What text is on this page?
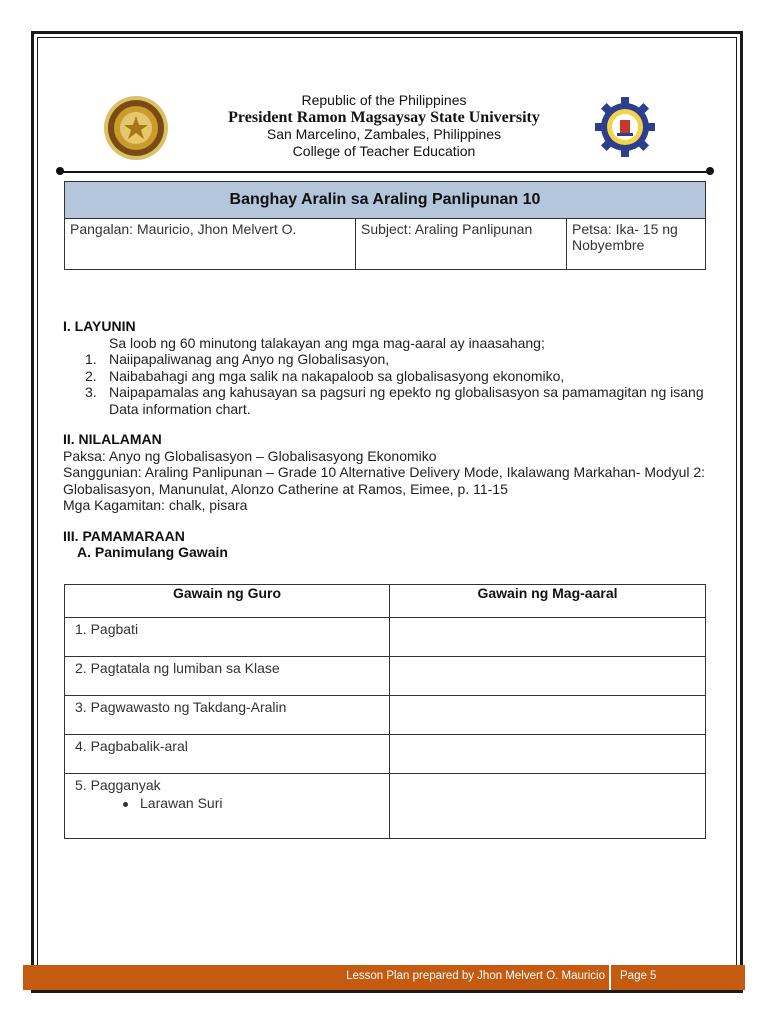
Republic of the Philippines
President Ramon Magsaysay State University
San Marcelino, Zambales, Philippines
College of Teacher Education
Banghay Aralin sa Araling Panlipunan 10
Pangalan: Mauricio, Jhon Melvert O.	Subject: Araling Panlipunan	Petsa: Ika- 15 ng
Nobyembre
I. LAYUNIN
Sa loob ng 60 minutong talakayan ang mga mag-aaral ay inaasahang;
1. Naiipapaliwanag ang Anyo ng Globalisasyon,
2. Naibabahagi ang mga salik na nakapaloob sa globalisasyong ekonomiko,
3. Naipapamalas ang kahusayan sa pagsuri ng epekto ng globalisasyon sa pamamagitan ng isang Data information chart.
II. NILALAMAN
Paksa: Anyo ng Globalisasyon – Globalisasyong Ekonomiko
Sanggunian: Araling Panlipunan – Grade 10 Alternative Delivery Mode, Ikalawang Markahan- Modyul 2: Globalisasyon, Manunulat, Alonzo Catherine at Ramos, Eimee, p. 11-15
Mga Kagamitan: chalk, pisara
III. PAMAMARAAN
A. Panimulang Gawain
Gawain ng Guro	Gawain ng Mag-aaral
1. Pagbati	
2. Pagtatala ng lumiban sa Klase	
3. Pagwawasto ng Takdang-Aralin	
4. Pagbabalik-aral	

5. Pagganyak
Larawan Suri	

Lesson Plan prepared by Jhon Melvert O. Mauricio Page 5
